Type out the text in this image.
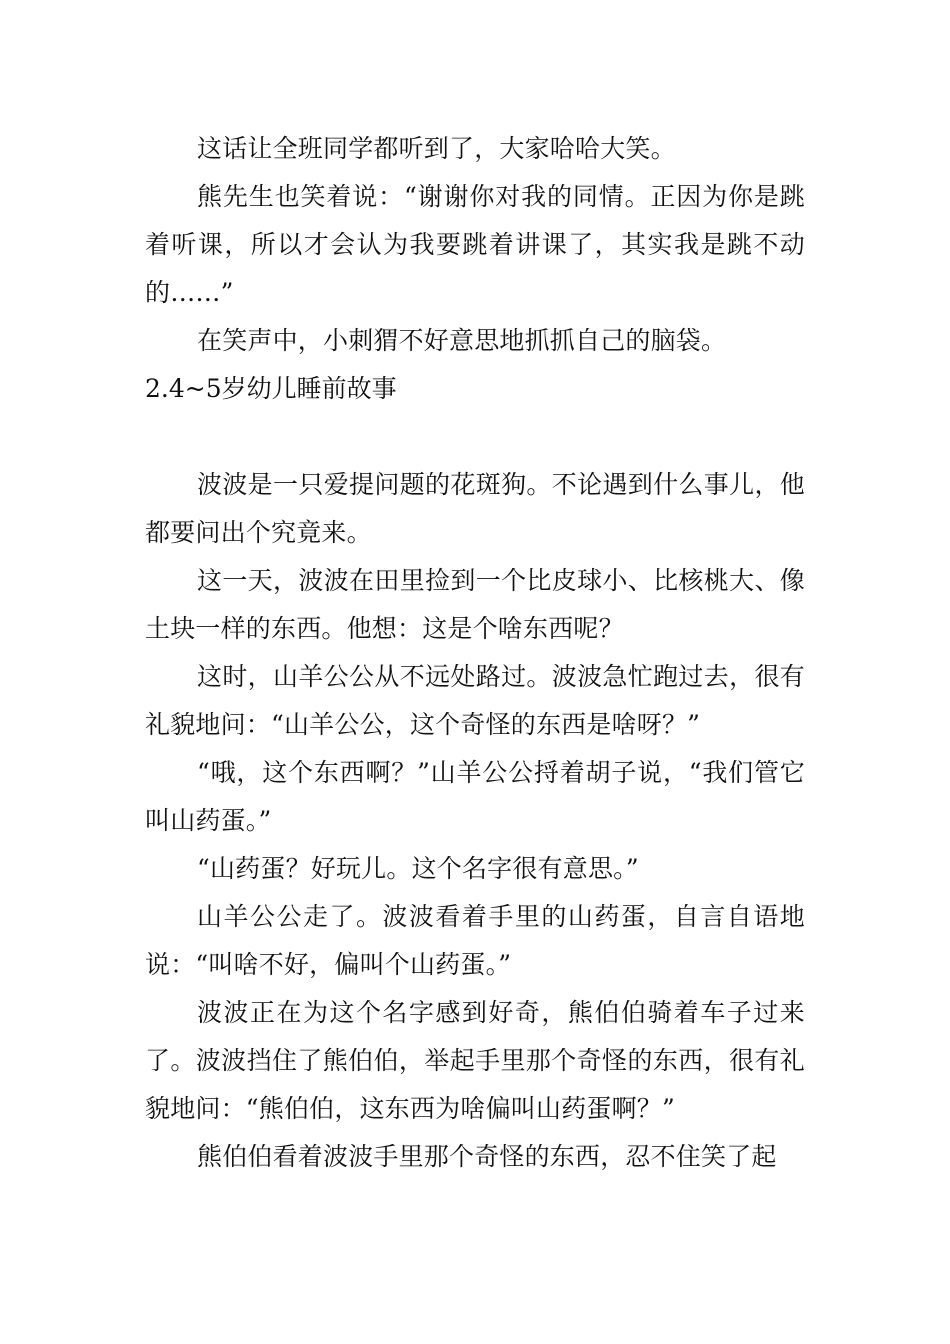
这话让全班同学都听到了，大家哈哈大笑。

熊先生也笑着说：“谢谢你对我的同情。正因为你是跳着听课，所以才会认为我要跳着讲课了，其实我是跳不动的……”

在笑声中，小刺猬不好意思地抓抓自己的脑袋。

2.4~5岁幼儿睡前故事

波波是一只爱提问题的花斑狗。不论遇到什么事儿，他都要问出个究竟来。

这一天，波波在田里捡到一个比皮球小、比核桃大、像土块一样的东西。他想：这是个啥东西呢？

这时，山羊公公从不远处路过。波波急忙跑过去，很有礼貌地问：“山羊公公，这个奇怪的东西是啥呀？”

“哦，这个东西啊？”山羊公公捋着胡子说，“我们管它叫山药蛋。”

“山药蛋？好玩儿。这个名字很有意思。”

山羊公公走了。波波看着手里的山药蛋，自言自语地说：“叫啥不好，偏叫个山药蛋。”

波波正在为这个名字感到好奇，熊伯伯骑着车子过来了。波波挡住了熊伯伯，举起手里那个奇怪的东西，很有礼貌地问：“熊伯伯，这东西为啥偏叫山药蛋啊？”

熊伯伯看着波波手里那个奇怪的东西，忍不住笑了起
